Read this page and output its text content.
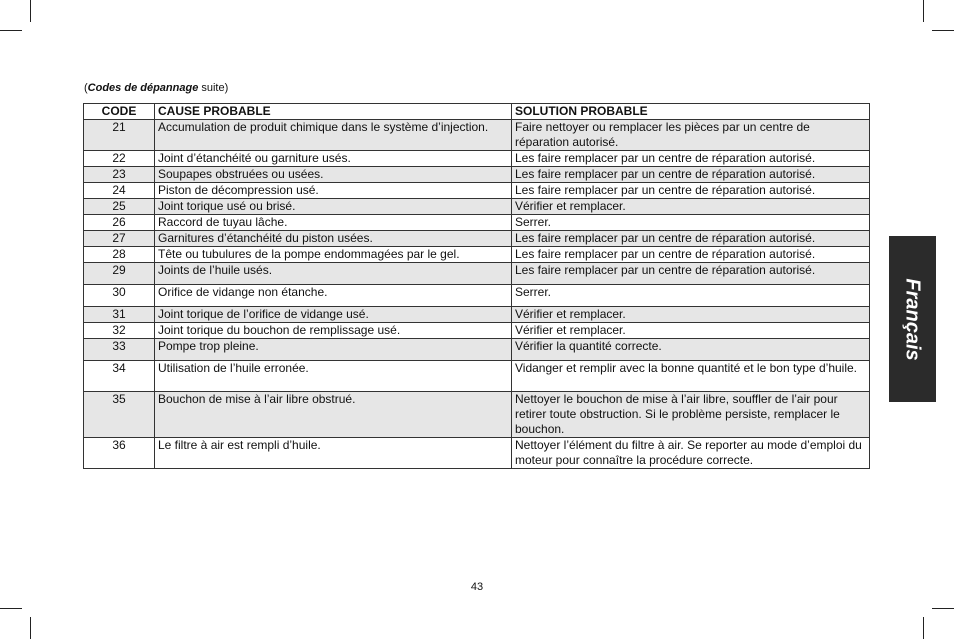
(Codes de dépannage suite)
CODE	CAUSE PROBABLE	SOLUTION PROBABLE
21	Accumulation de produit chimique dans le système d’injection.	Faire nettoyer ou remplacer les pièces par un centre de réparation autorisé.
22	Joint d’étanchéité ou garniture usés.	Les faire remplacer par un centre de réparation autorisé.
23	Soupapes obstruées ou usées.	Les faire remplacer par un centre de réparation autorisé.
24	Piston de décompression usé.	Les faire remplacer par un centre de réparation autorisé.
25	Joint torique usé ou brisé.	Vérifier et remplacer.
26	Raccord de tuyau lâche.	Serrer.
27	Garnitures d’étanchéité du piston usées.	Les faire remplacer par un centre de réparation autorisé.
28	Tête ou tubulures de la pompe endommagées par le gel.	Les faire remplacer par un centre de réparation autorisé.
29	Joints de l’huile usés.	Les faire remplacer par un centre de réparation autorisé.
30	Orifice de vidange non étanche.	Serrer.
31	Joint torique de l’orifice de vidange usé.	Vérifier et remplacer.
32	Joint torique du bouchon de remplissage usé.	Vérifier et remplacer.
33	Pompe trop pleine.	Vérifier la quantité correcte.
34	Utilisation de l’huile erronée.	Vidanger et remplir avec la bonne quantité et le bon type d’huile.
35	Bouchon de mise à l’air libre obstrué.	Nettoyer le bouchon de mise à l’air libre, souffler de l’air pour retirer toute obstruction. Si le problème persiste, remplacer le bouchon.
36	Le filtre à air est rempli d’huile.	Nettoyer l’élément du filtre à air. Se reporter au mode d’emploi du moteur pour connaître la procédure correcte.
Français
43
